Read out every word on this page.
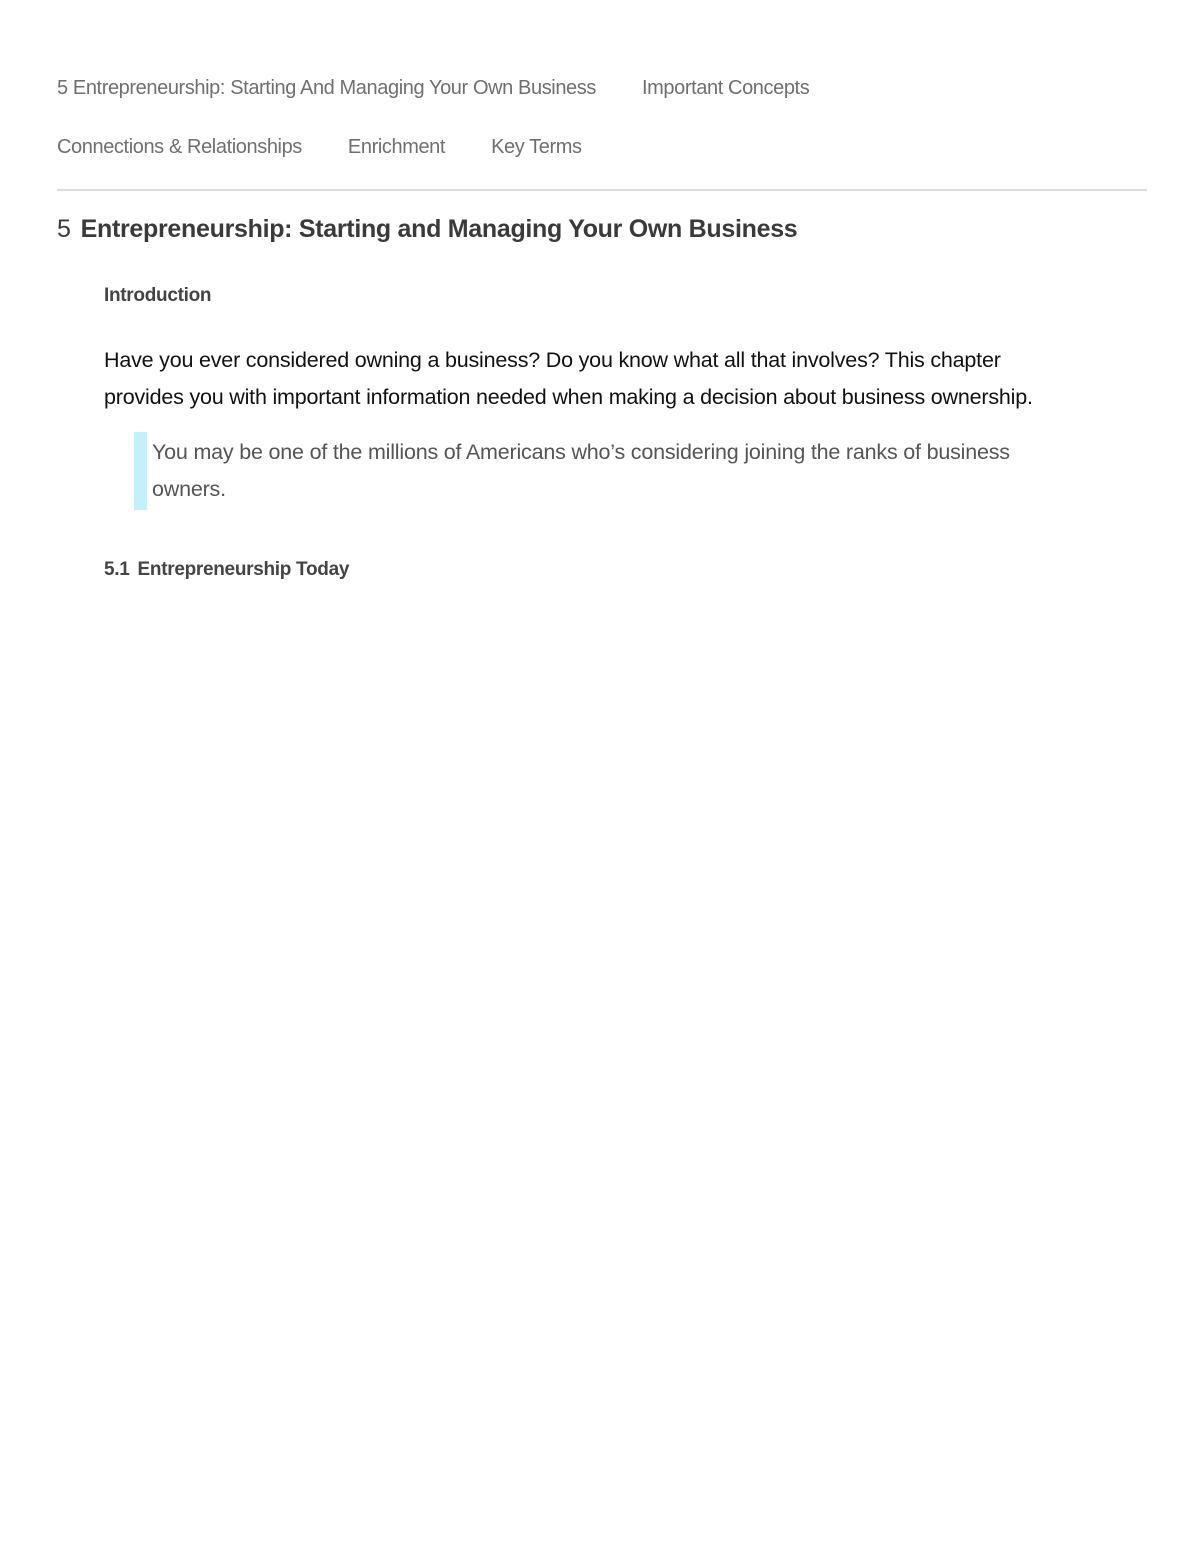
5 Entrepreneurship: Starting And Managing Your Own Business Important Concepts
Connections & Relationships Enrichment Key Terms
5 Entrepreneurship: Starting and Managing Your Own Business
Introduction

Have you ever considered owning a business? Do you know what all that involves? This chapter provides you with important information needed when making a decision about business ownership.

You may be one of the millions of Americans who’s considering joining the ranks of business owners.
5.1 Entrepreneurship Today
